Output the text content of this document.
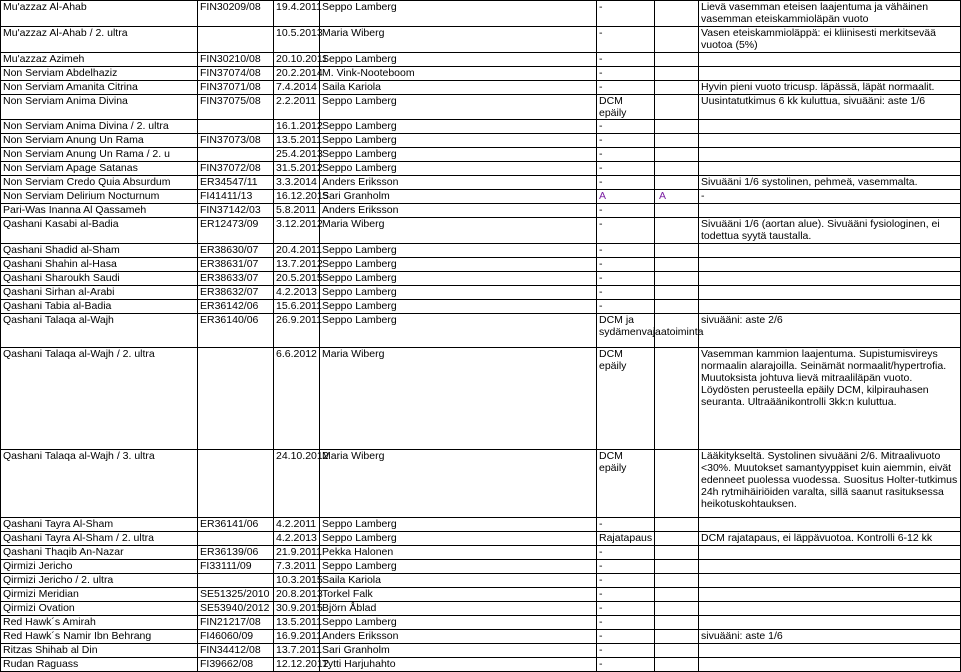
Mu'azzaz Al-Ahab	FIN30209/08	19.4.2011	Seppo Lamberg	-		Lievä vasemman eteisen laajentuma ja vähäinen vasemman eteiskammioläpän vuoto
Mu'azzaz Al-Ahab / 2. ultra		10.5.2013	Maria Wiberg	-		Vasen eteiskammioläppä: ei kliinisesti merkitsevää vuotoa (5%)
Mu'azzaz Azimeh	FIN30210/08	20.10.2011	Seppo Lamberg	-		
Non Serviam Abdelhaziz	FIN37074/08	20.2.2014	M. Vink-Nooteboom	-		
Non Serviam Amanita Citrina	FIN37071/08	7.4.2014	Saila Kariola	-		Hyvin pieni vuoto tricusp. läpässä, läpät normaalit.
Non Serviam Anima Divina	FIN37075/08	2.2.2011	Seppo Lamberg	DCM epäily		Uusintatutkimus 6 kk kuluttua, sivuääni: aste 1/6
Non Serviam Anima Divina / 2. ultra		16.1.2012	Seppo Lamberg	-		
Non Serviam Anung Un Rama	FIN37073/08	13.5.2011	Seppo Lamberg	-		
Non Serviam Anung Un Rama / 2. u		25.4.2013	Seppo Lamberg	-		
Non Serviam Apage Satanas	FIN37072/08	31.5.2012	Seppo Lamberg	-		
Non Serviam Credo Quia Absurdum	ER34547/11	3.3.2014	Anders Eriksson	-		Sivuääni 1/6 systolinen, pehmeä, vasemmalta.
Non Serviam Delirium Nocturnum	FI41411/13	16.12.2015	Sari Granholm	A	A	-
Pari-Was Inanna Al Qassameh	FIN37142/03	5.8.2011	Anders Eriksson	-		
Qashani Kasabi al-Badia	ER12473/09	3.12.2012	Maria Wiberg	-		Sivuääni 1/6 (aortan alue). Sivuääni fysiologinen, ei todettua syytä taustalla.
Qashani Shadid al-Sham	ER38630/07	20.4.2011	Seppo Lamberg	-		
Qashani Shahin al-Hasa	ER38631/07	13.7.2012	Seppo Lamberg	-		
Qashani Sharoukh Saudi	ER38633/07	20.5.2015	Seppo Lamberg	-		
Qashani Sirhan al-Arabi	ER38632/07	4.2.2013	Seppo Lamberg	-		
Qashani Tabia al-Badia	ER36142/06	15.6.2011	Seppo Lamberg	-		
Qashani Talaqa al-Wajh	ER36140/06	26.9.2011	Seppo Lamberg	DCM ja sydämenvajaatoiminta		sivuääni: aste 2/6
Qashani Talaqa al-Wajh / 2. ultra		6.6.2012	Maria Wiberg	DCM epäily		Vasemman kammion laajentuma. Supistumisvireys normaalin alarajoilla. Seinämät normaalit/hypertrofia. Muutoksista johtuva lievä mitraaliläpän vuoto. Löydösten perusteella epäily DCM, kilpirauhasen seuranta. Ultraäänikontrolli 3kk:n kuluttua.
Qashani Talaqa al-Wajh / 3. ultra		24.10.2012	Maria Wiberg	DCM epäily		Lääkitykseltä. Systolinen sivuääni 2/6. Mitraalivuoto <30%. Muutokset samantyyppiset kuin aiemmin, eivät edenneet puolessa vuodessa. Suositus Holter-tutkimus 24h rytmihäiriöiden varalta, sillä saanut rasituksessa heikotuskohtauksen.
Qashani Tayra Al-Sham	ER36141/06	4.2.2011	Seppo Lamberg	-		
Qashani Tayra Al-Sham / 2. ultra		4.2.2013	Seppo Lamberg	Rajatapaus		DCM rajatapaus, ei läppävuotoa. Kontrolli 6-12 kk
Qashani Thaqib An-Nazar	ER36139/06	21.9.2011	Pekka Halonen	-		
Qirmizi Jericho	FI33111/09	7.3.2011	Seppo Lamberg	-		
Qirmizi Jericho / 2. ultra		10.3.2015	Saila Kariola	-		
Qirmizi Meridian	SE51325/2010	20.8.2013	Torkel Falk	-		
Qirmizi Ovation	SE53940/2012	30.9.2015	Björn Åblad	-		
Red Hawk´s Amirah	FIN21217/08	13.5.2011	Seppo Lamberg	-		
Red Hawk´s Namir Ibn Behrang	FI46060/09	16.9.2011	Anders Eriksson	-		sivuääni: aste 1/6
Ritzas Shihab al Din	FIN34412/08	13.7.2011	Sari Granholm	-		
Rudan Raguass	FI39662/08	12.12.2012	Tytti Harjuhahto	-		
